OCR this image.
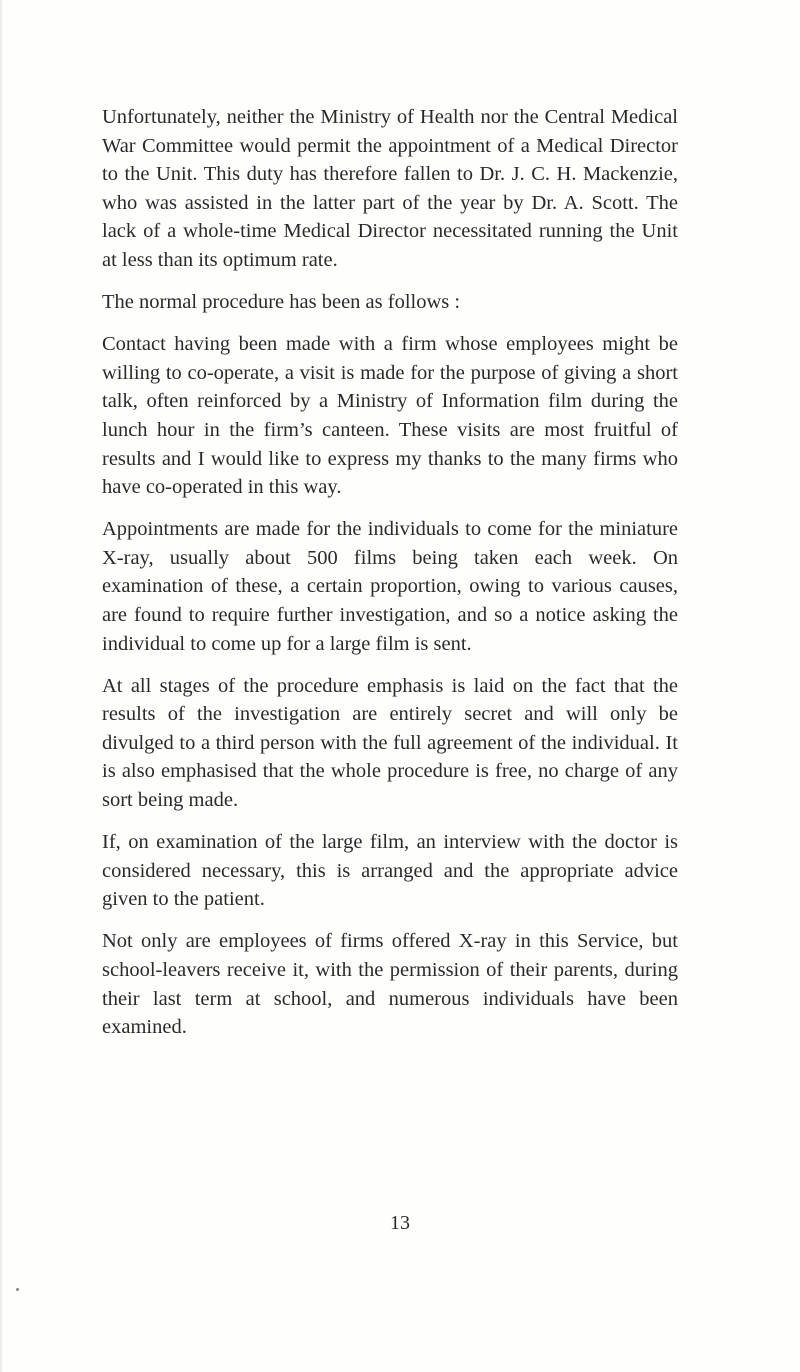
Unfortunately, neither the Ministry of Health nor the Central Medical War Committee would permit the appointment of a Medical Director to the Unit. This duty has therefore fallen to Dr. J. C. H. Mackenzie, who was assisted in the latter part of the year by Dr. A. Scott. The lack of a whole-time Medical Director necessitated running the Unit at less than its optimum rate.

The normal procedure has been as follows :

Contact having been made with a firm whose employees might be willing to co-operate, a visit is made for the purpose of giving a short talk, often reinforced by a Ministry of Information film during the lunch hour in the firm’s canteen. These visits are most fruitful of results and I would like to express my thanks to the many firms who have co-operated in this way.

Appointments are made for the individuals to come for the miniature X-ray, usually about 500 films being taken each week. On examination of these, a certain proportion, owing to various causes, are found to require further investigation, and so a notice asking the individual to come up for a large film is sent.

At all stages of the procedure emphasis is laid on the fact that the results of the investigation are entirely secret and will only be divulged to a third person with the full agreement of the individual. It is also emphasised that the whole procedure is free, no charge of any sort being made.

If, on examination of the large film, an interview with the doctor is considered necessary, this is arranged and the appropriate advice given to the patient.

Not only are employees of firms offered X-ray in this Service, but school-leavers receive it, with the permission of their parents, during their last term at school, and numerous individuals have been examined.

13
